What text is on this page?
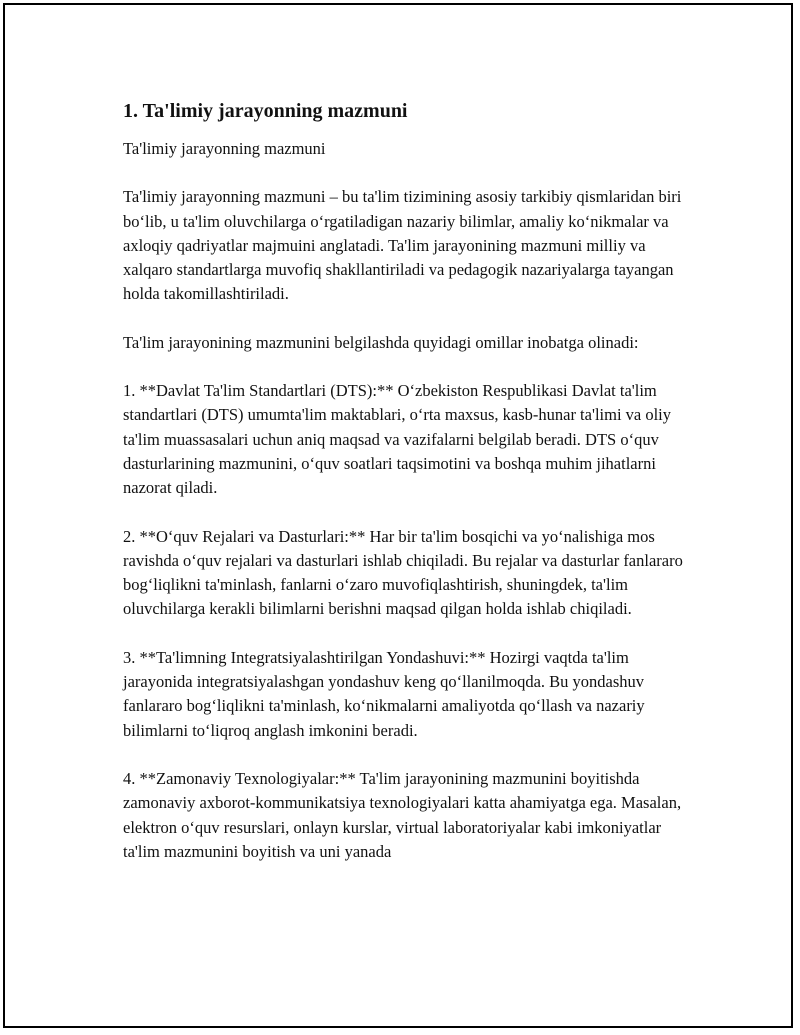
1. Ta'limiy jarayonning mazmuni

Ta'limiy jarayonning mazmuni

Ta'limiy jarayonning mazmuni – bu ta'lim tizimining asosiy tarkibiy qismlaridan biri bo‘lib, u ta'lim oluvchilarga o‘rgatiladigan nazariy bilimlar, amaliy ko‘nikmalar va axloqiy qadriyatlar majmuini anglatadi. Ta'lim jarayonining mazmuni milliy va xalqaro standartlarga muvofiq shakllantiriladi va pedagogik nazariyalarga tayangan holda takomillashtiriladi.

Ta'lim jarayonining mazmunini belgilashda quyidagi omillar inobatga olinadi:

1. **Davlat Ta'lim Standartlari (DTS):** O‘zbekiston Respublikasi Davlat ta'lim standartlari (DTS) umumta'lim maktablari, o‘rta maxsus, kasb-hunar ta'limi va oliy ta'lim muassasalari uchun aniq maqsad va vazifalarni belgilab beradi. DTS o‘quv dasturlarining mazmunini, o‘quv soatlari taqsimotini va boshqa muhim jihatlarni nazorat qiladi.

2. **O‘quv Rejalari va Dasturlari:** Har bir ta'lim bosqichi va yo‘nalishiga mos ravishda o‘quv rejalari va dasturlari ishlab chiqiladi. Bu rejalar va dasturlar fanlararo bog‘liqlikni ta'minlash, fanlarni o‘zaro muvofiqlashtirish, shuningdek, ta'lim oluvchilarga kerakli bilimlarni berishni maqsad qilgan holda ishlab chiqiladi.

3. **Ta'limning Integratsiyalashtirilgan Yondashuvi:** Hozirgi vaqtda ta'lim jarayonida integratsiyalashgan yondashuv keng qo‘llanilmoqda. Bu yondashuv fanlararo bog‘liqlikni ta'minlash, ko‘nikmalarni amaliyotda qo‘llash va nazariy bilimlarni to‘liqroq anglash imkonini beradi.

4. **Zamonaviy Texnologiyalar:** Ta'lim jarayonining mazmunini boyitishda zamonaviy axborot-kommunikatsiya texnologiyalari katta ahamiyatga ega. Masalan, elektron o‘quv resurslari, onlayn kurslar, virtual laboratoriyalar kabi imkoniyatlar ta'lim mazmunini boyitish va uni yanada
